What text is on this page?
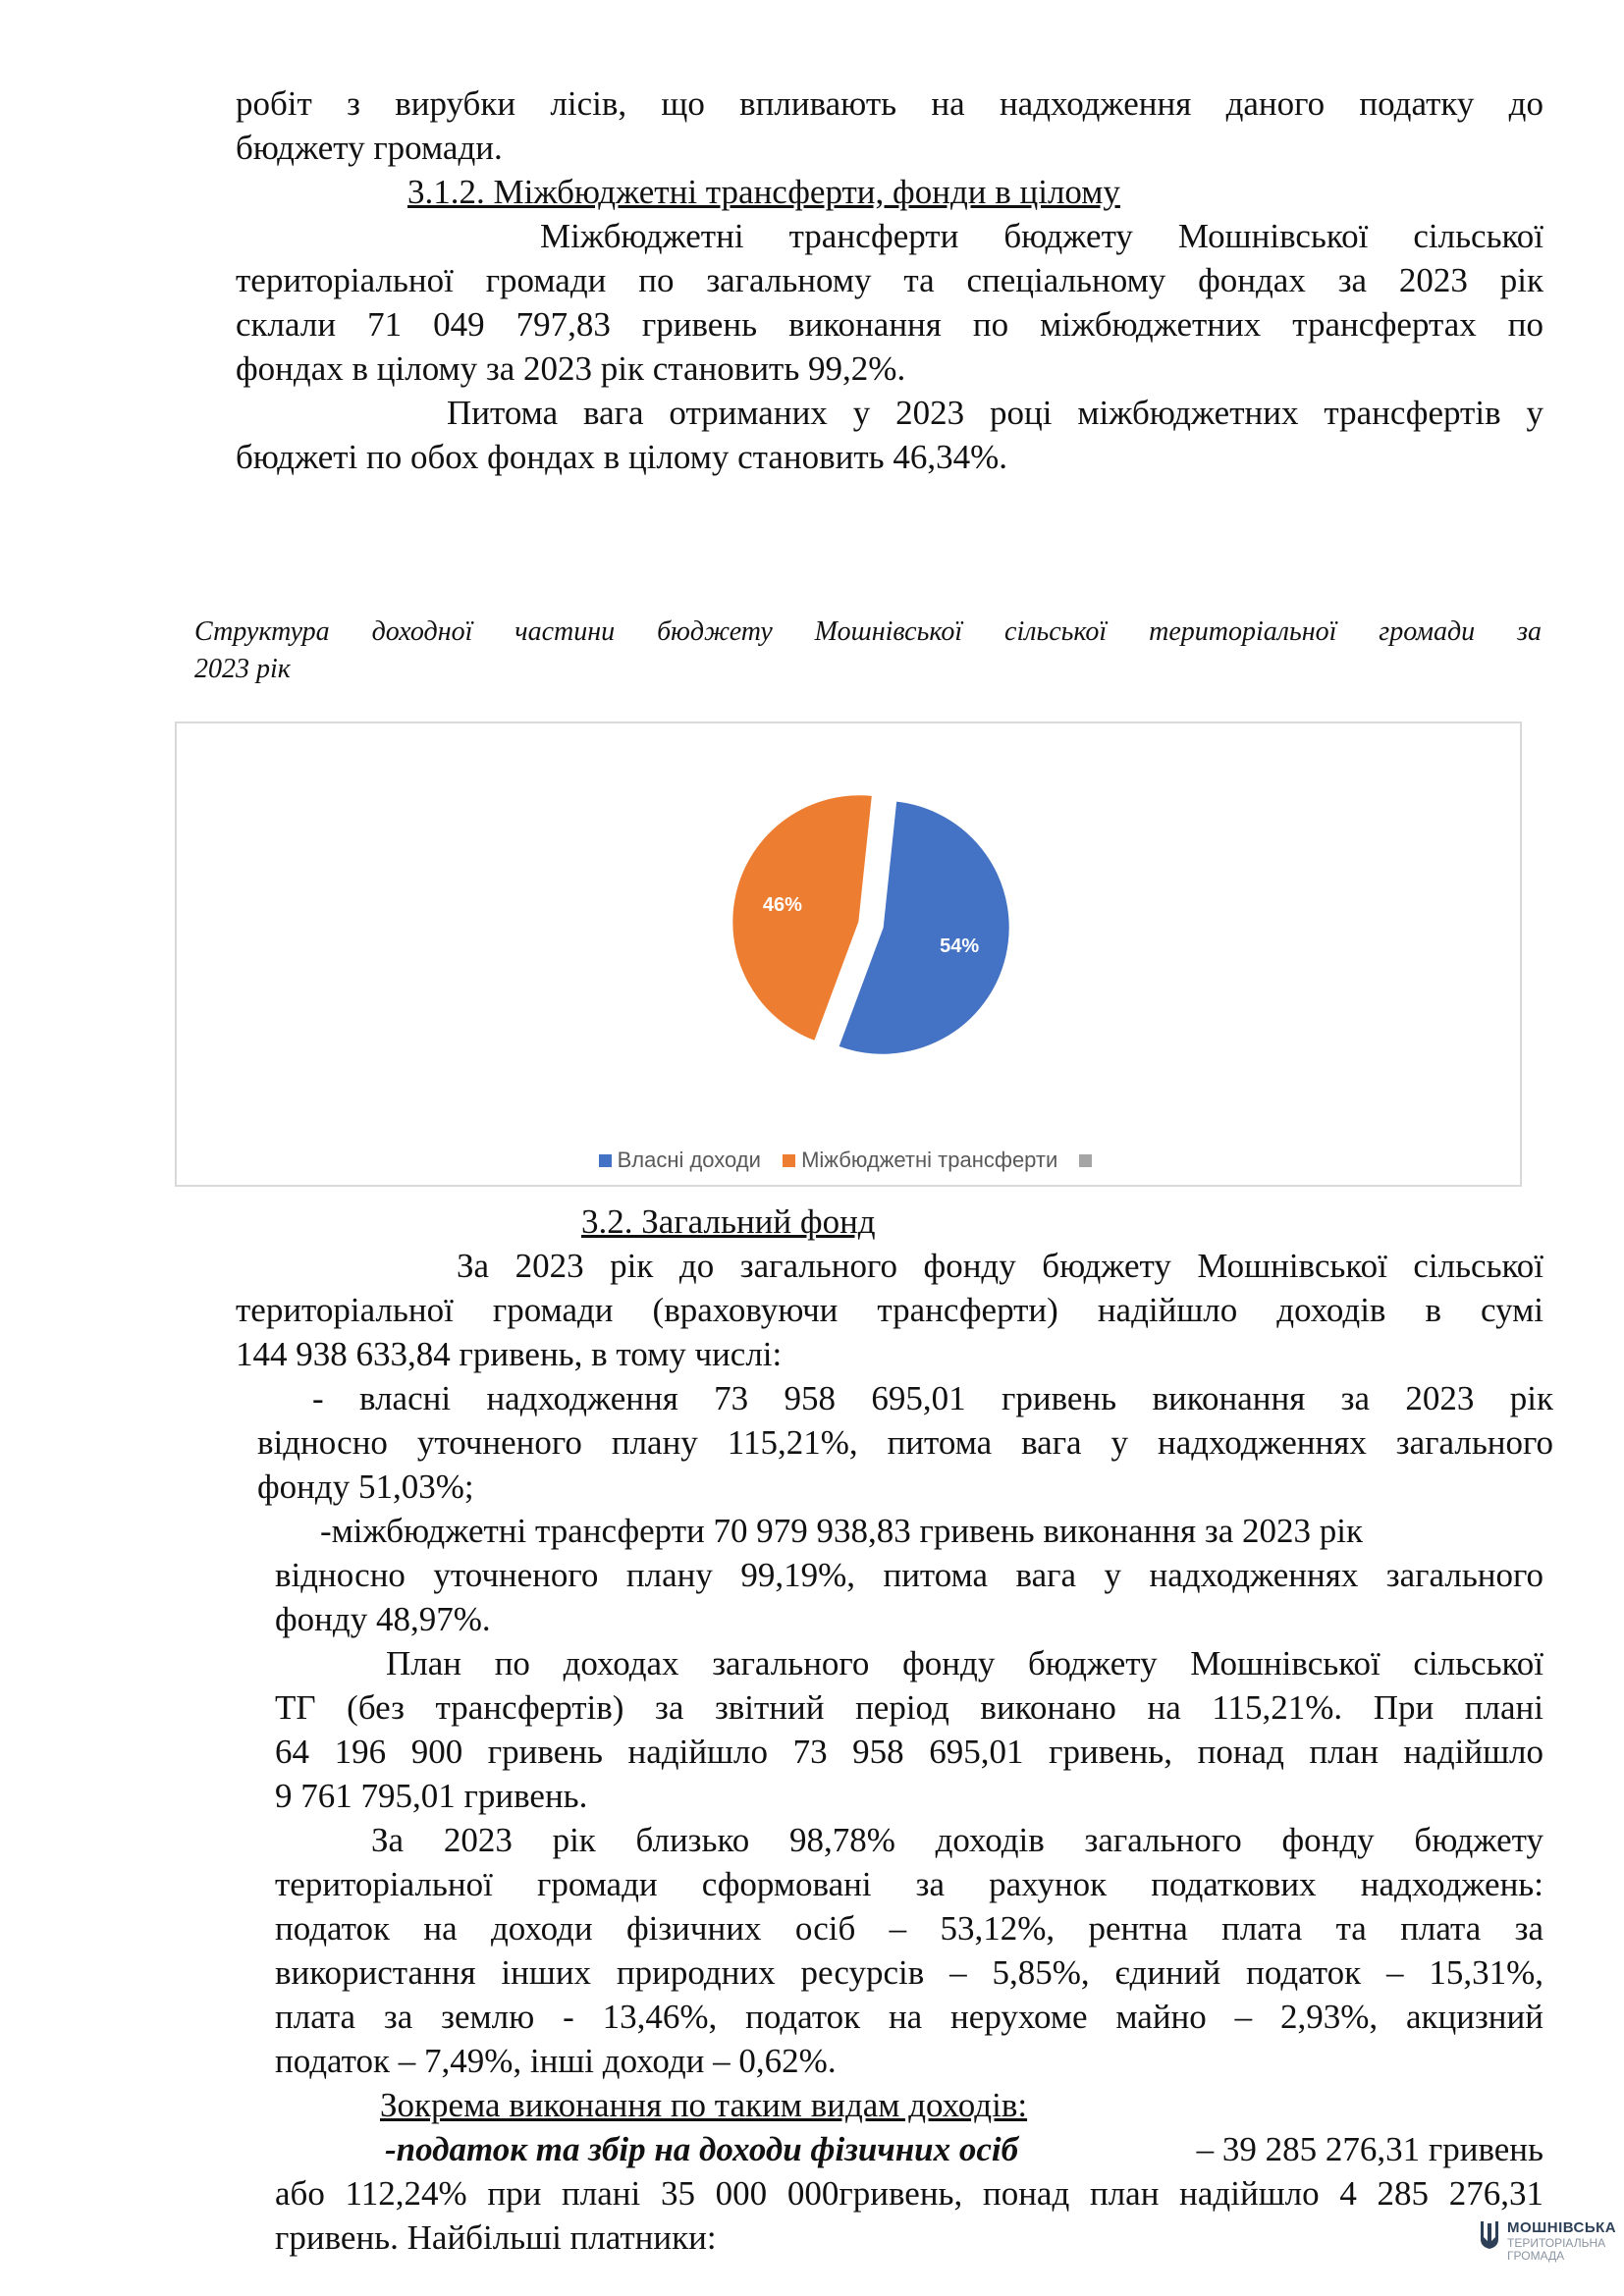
робіт з вирубки лісів, що впливають на надходження даного податку до
бюджету громади.
3.1.2. Міжбюджетні трансферти, фонди в цілому
Міжбюджетні трансферти бюджету Мошнівської сільської
територіальної громади по загальному та спеціальному фондах за 2023 рік
склали 71 049 797,83 гривень виконання по міжбюджетних трансфертах по
фондах в цілому за 2023 рік становить 99,2%.
Питома вага отриманих у 2023 році міжбюджетних трансфертів у
бюджеті по обох фондах в цілому становить 46,34%.
Структура доходної частини бюджету Мошнівської сільської територіальної громади за
2023 рік
54%
46%
Власні доходи Міжбюджетні трансферти
3.2. Загальний фонд
За 2023 рік до загального фонду бюджету Мошнівської сільської
територіальної громади (враховуючи трансферти) надійшло доходів в сумі
144 938 633,84 гривень, в тому числі:
- власні надходження 73 958 695,01 гривень виконання за 2023 рік
відносно уточненого плану 115,21%, питома вага у надходженнях загального
фонду 51,03%;
-міжбюджетні трансферти 70 979 938,83 гривень виконання за 2023 рік
відносно уточненого плану 99,19%, питома вага у надходженнях загального
фонду 48,97%.
План по доходах загального фонду бюджету Мошнівської сільської
ТГ (без трансфертів) за звітний період виконано на 115,21%. При плані
64 196 900 гривень надійшло 73 958 695,01 гривень, понад план надійшло
9 761 795,01 гривень.
За 2023 рік близько 98,78% доходів загального фонду бюджету
територіальної громади сформовані за рахунок податкових надходжень:
податок на доходи фізичних осіб – 53,12%, рентна плата та плата за
використання інших природних ресурсів – 5,85%, єдиний податок – 15,31%,
плата за землю - 13,46%, податок на нерухоме майно – 2,93%, акцизний
податок – 7,49%, інші доходи – 0,62%.
Зокрема виконання по таким видам доходів:
-податок та збір на доходи фізичних осіб	– 39 285 276,31 гривень
або 112,24% при плані 35 000 000гривень, понад план надійшло 4 285 276,31
гривень. Найбільші платники:	МОШНІВСЬКА
ТЕРИТОРІАЛЬНА
ГРОМАДА
